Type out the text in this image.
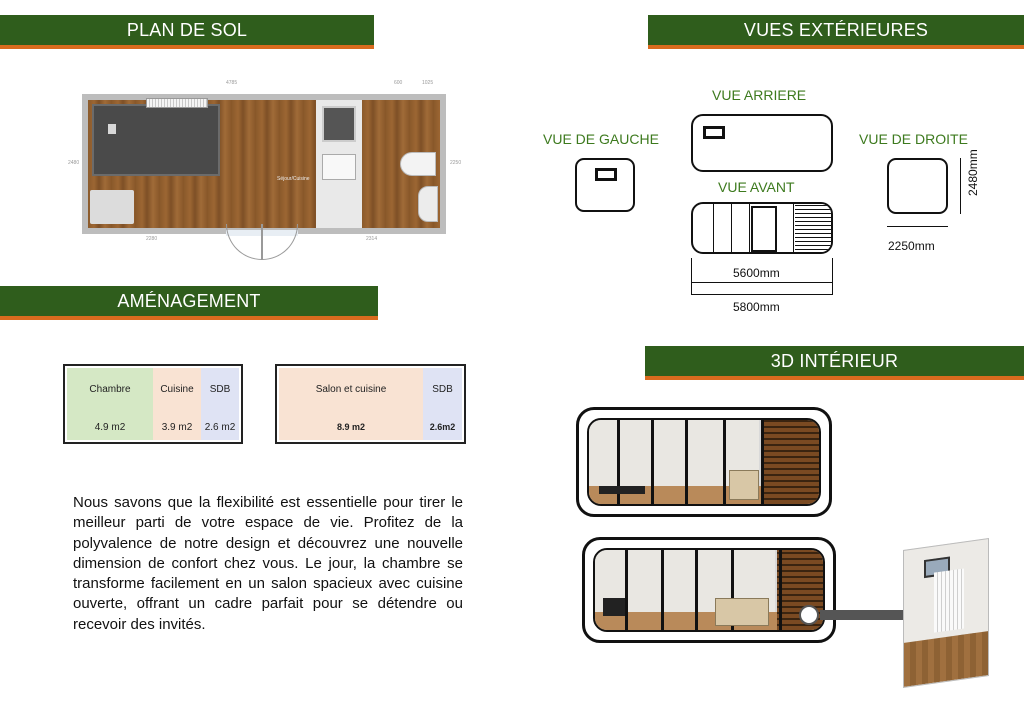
PLAN DE SOL	VUES EXTÉRIEURES
AMÉNAGEMENT
3D INTÉRIEUR
4785	600	1025
2280	2314
2480	2250
Séjour/Cuisine
VUE ARRIERE
VUE DE GAUCHE	VUE DE DROITE
2480mm
2250mm
VUE AVANT
5600mm
5800mm
Chambre
4.9 m2
Cuisine
3.9 m2
SDB
2.6 m2
Salon et cuisine
8.9 m2
SDB
2.6m2

Nous savons que la flexibilité est essentielle pour tirer le meilleur parti de votre espace de vie. Profitez de la polyvalence de notre design et découvrez une nouvelle dimension de confort chez vous. Le jour, la chambre se transforme facilement en un salon spacieux avec cuisine ouverte, offrant un cadre parfait pour se détendre ou recevoir des invités.
